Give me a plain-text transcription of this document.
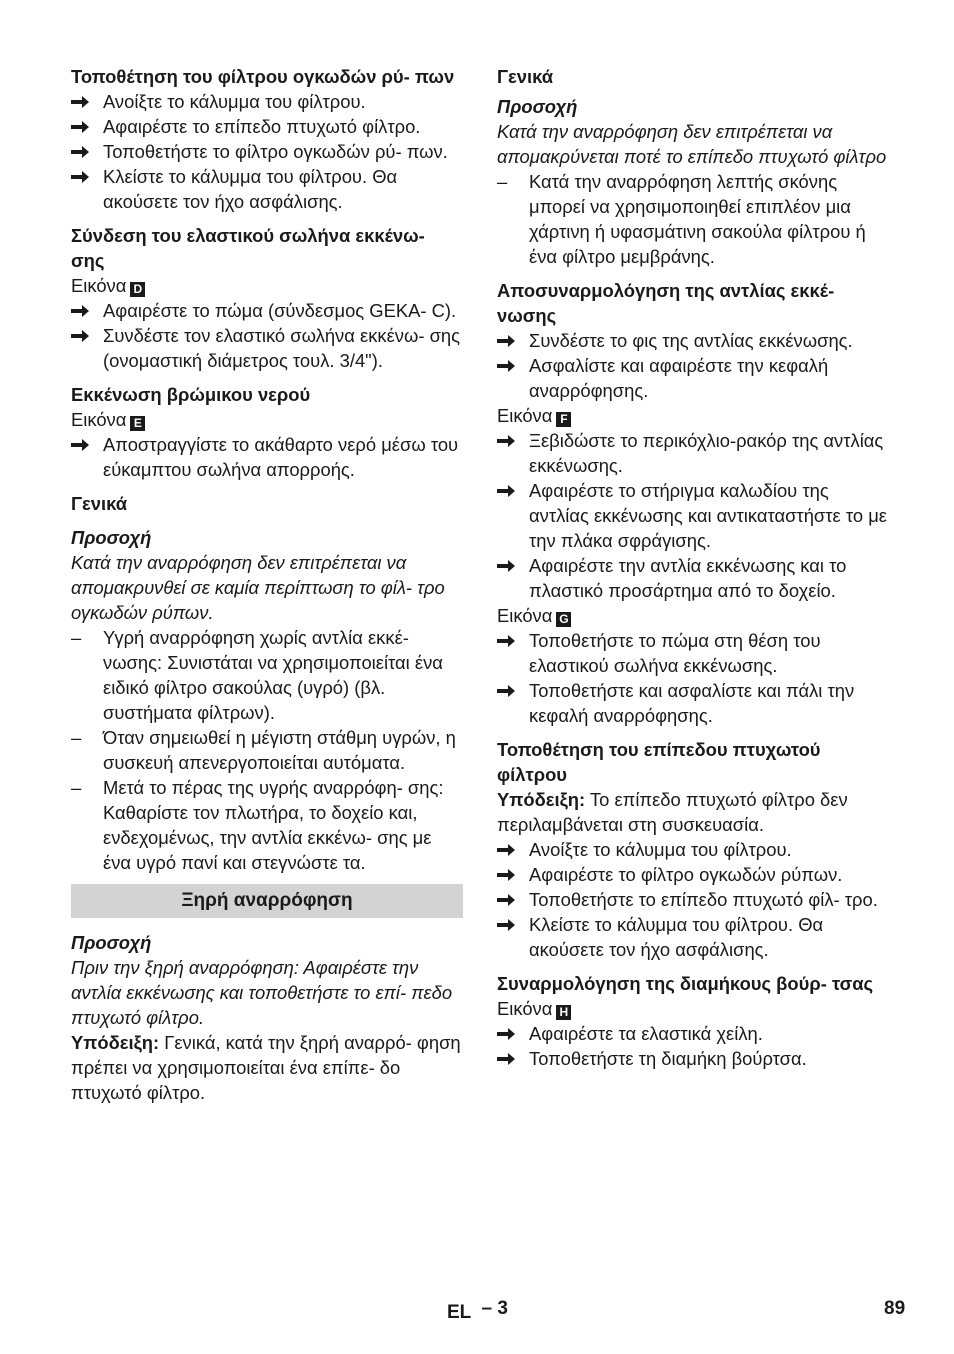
Τοποθέτηση του φίλτρου ογκωδών ρύ- πων
Ανοίξτε το κάλυμμα του φίλτρου.
Αφαιρέστε το επίπεδο πτυχωτό φίλτρο.
Τοποθετήστε το φίλτρο ογκωδών ρύ- πων.
Κλείστε το κάλυμμα του φίλτρου. Θα ακούσετε τον ήχο ασφάλισης.
Σύνδεση του ελαστικού σωλήνα εκκένω- σης
Εικόνα D
Αφαιρέστε το πώμα (σύνδεσμος GEKA- C).
Συνδέστε τον ελαστικό σωλήνα εκκένω- σης (ονομαστική διάμετρος τουλ. 3/4").
Εκκένωση βρώμικου νερού
Εικόνα E
Αποστραγγίστε το ακάθαρτο νερό μέσω του εύκαμπτου σωλήνα απορροής.
Γενικά
Προσοχή
Κατά την αναρρόφηση δεν επιτρέπεται να απομακρυνθεί σε καμία περίπτωση το φίλ- τρο ογκωδών ρύπων.
– Υγρή αναρρόφηση χωρίς αντλία εκκέ- νωσης: Συνιστάται να χρησιμοποιείται ένα ειδικό φίλτρο σακούλας (υγρό) (βλ. συστήματα φίλτρων).
– Όταν σημειωθεί η μέγιστη στάθμη υγρών, η συσκευή απενεργοποιείται αυτόματα.
– Μετά το πέρας της υγρής αναρρόφη- σης: Καθαρίστε τον πλωτήρα, το δοχείο και, ενδεχομένως, την αντλία εκκένω- σης με ένα υγρό πανί και στεγνώστε τα.
Ξηρή αναρρόφηση
Προσοχή
Πριν την ξηρή αναρρόφηση: Αφαιρέστε την αντλία εκκένωσης και τοποθετήστε το επί- πεδο πτυχωτό φίλτρο.
Υπόδειξη: Γενικά, κατά την ξηρή αναρρό- φηση πρέπει να χρησιμοποιείται ένα επίπε- δο πτυχωτό φίλτρο.
Γενικά
Προσοχή
Κατά την αναρρόφηση δεν επιτρέπεται να απομακρύνεται ποτέ το επίπεδο πτυχωτό φίλτρο
– Κατά την αναρρόφηση λεπτής σκόνης μπορεί να χρησιμοποιηθεί επιπλέον μια χάρτινη ή υφασμάτινη σακούλα φίλτρου ή ένα φίλτρο μεμβράνης.
Αποσυναρμολόγηση της αντλίας εκκέ- νωσης
Συνδέστε το φις της αντλίας εκκένωσης.
Ασφαλίστε και αφαιρέστε την κεφαλή αναρρόφησης.
Εικόνα F
Ξεβιδώστε το περικόχλιο-ρακόρ της αντλίας εκκένωσης.
Αφαιρέστε το στήριγμα καλωδίου της αντλίας εκκένωσης και αντικαταστήστε το με την πλάκα σφράγισης.
Αφαιρέστε την αντλία εκκένωσης και το πλαστικό προσάρτημα από το δοχείο.
Εικόνα G
Τοποθετήστε το πώμα στη θέση του ελαστικού σωλήνα εκκένωσης.
Τοποθετήστε και ασφαλίστε και πάλι την κεφαλή αναρρόφησης.
Τοποθέτηση του επίπεδου πτυχωτού φίλτρου
Υπόδειξη: Το επίπεδο πτυχωτό φίλτρο δεν περιλαμβάνεται στη συσκευασία.
Ανοίξτε το κάλυμμα του φίλτρου.
Αφαιρέστε το φίλτρο ογκωδών ρύπων.
Τοποθετήστε το επίπεδο πτυχωτό φίλ- τρο.
Κλείστε το κάλυμμα του φίλτρου. Θα ακούσετε τον ήχο ασφάλισης.
Συναρμολόγηση της διαμήκους βούρ- τσας
Εικόνα H
Αφαιρέστε τα ελαστικά χείλη.
Τοποθετήστε τη διαμήκη βούρτσα.
EL – 3	89
